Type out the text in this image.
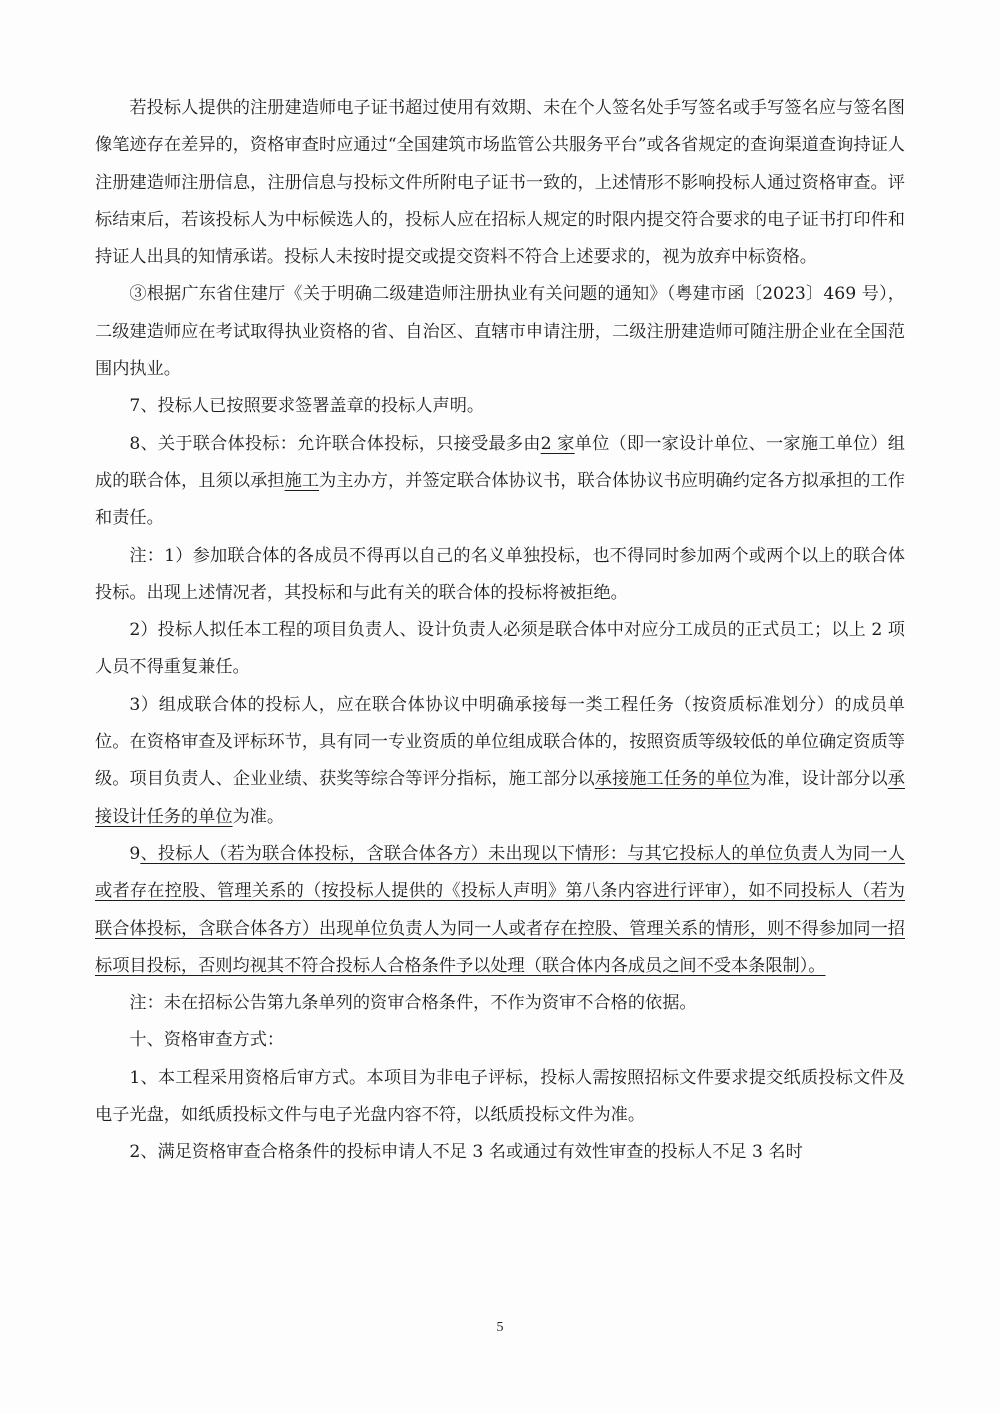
若投标人提供的注册建造师电子证书超过使用有效期、未在个人签名处手写签名或手写签名应与签名图像笔迹存在差异的，资格审查时应通过“全国建筑市场监管公共服务平台”或各省规定的查询渠道查询持证人注册建造师注册信息，注册信息与投标文件所附电子证书一致的，上述情形不影响投标人通过资格审查。评标结束后，若该投标人为中标候选人的，投标人应在招标人规定的时限内提交符合要求的电子证书打印件和持证人出具的知情承诺。投标人未按时提交或提交资料不符合上述要求的，视为放弃中标资格。

③根据广东省住建厅《关于明确二级建造师注册执业有关问题的通知》（粤建市函〔2023〕469 号），二级建造师应在考试取得执业资格的省、自治区、直辖市申请注册，二级注册建造师可随注册企业在全国范围内执业。

7、投标人已按照要求签署盖章的投标人声明。

8、关于联合体投标：允许联合体投标，只接受最多由2 家单位（即一家设计单位、一家施工单位）组成的联合体，且须以承担施工为主办方，并签定联合体协议书，联合体协议书应明确约定各方拟承担的工作和责任。

注：1）参加联合体的各成员不得再以自己的名义单独投标，也不得同时参加两个或两个以上的联合体投标。出现上述情况者，其投标和与此有关的联合体的投标将被拒绝。

2）投标人拟任本工程的项目负责人、设计负责人必须是联合体中对应分工成员的正式员工；以上 2 项人员不得重复兼任。

3）组成联合体的投标人，应在联合体协议中明确承接每一类工程任务（按资质标准划分）的成员单位。在资格审查及评标环节，具有同一专业资质的单位组成联合体的，按照资质等级较低的单位确定资质等级。项目负责人、企业业绩、获奖等综合等评分指标，施工部分以承接施工任务的单位为准，设计部分以承接设计任务的单位为准。

9、投标人（若为联合体投标，含联合体各方）未出现以下情形：与其它投标人的单位负责人为同一人或者存在控股、管理关系的（按投标人提供的《投标人声明》第八条内容进行评审），如不同投标人（若为联合体投标，含联合体各方）出现单位负责人为同一人或者存在控股、管理关系的情形，则不得参加同一招标项目投标，否则均视其不符合投标人合格条件予以处理（联合体内各成员之间不受本条限制）。

注：未在招标公告第九条单列的资审合格条件，不作为资审不合格的依据。

十、资格审查方式：

1、本工程采用资格后审方式。本项目为非电子评标，投标人需按照招标文件要求提交纸质投标文件及电子光盘，如纸质投标文件与电子光盘内容不符，以纸质投标文件为准。

2、满足资格审查合格条件的投标申请人不足 3 名或通过有效性审查的投标人不足 3 名时

5
